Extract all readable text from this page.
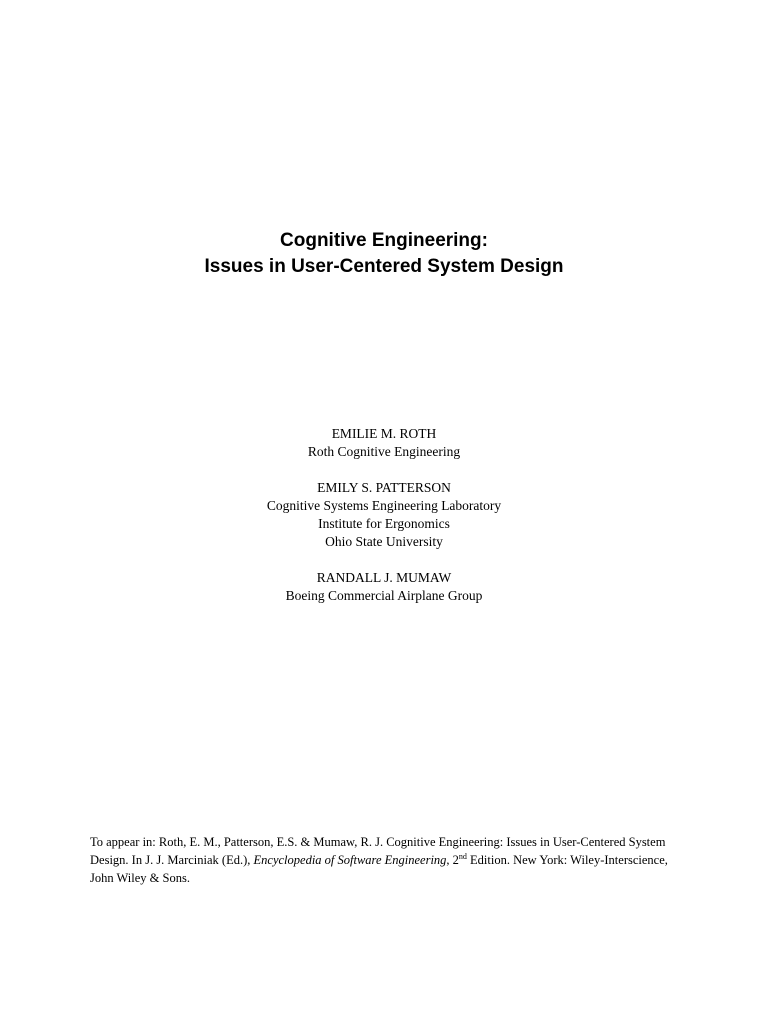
Cognitive Engineering:
Issues in User-Centered System Design
EMILIE M. ROTH
Roth Cognitive Engineering
EMILY S. PATTERSON
Cognitive Systems Engineering Laboratory
Institute for Ergonomics
Ohio State University
RANDALL J. MUMAW
Boeing Commercial Airplane Group
To appear in: Roth, E. M., Patterson, E.S. & Mumaw, R. J. Cognitive Engineering: Issues in User-Centered System Design. In J. J. Marciniak (Ed.), Encyclopedia of Software Engineering, 2nd Edition. New York: Wiley-Interscience, John Wiley & Sons.
